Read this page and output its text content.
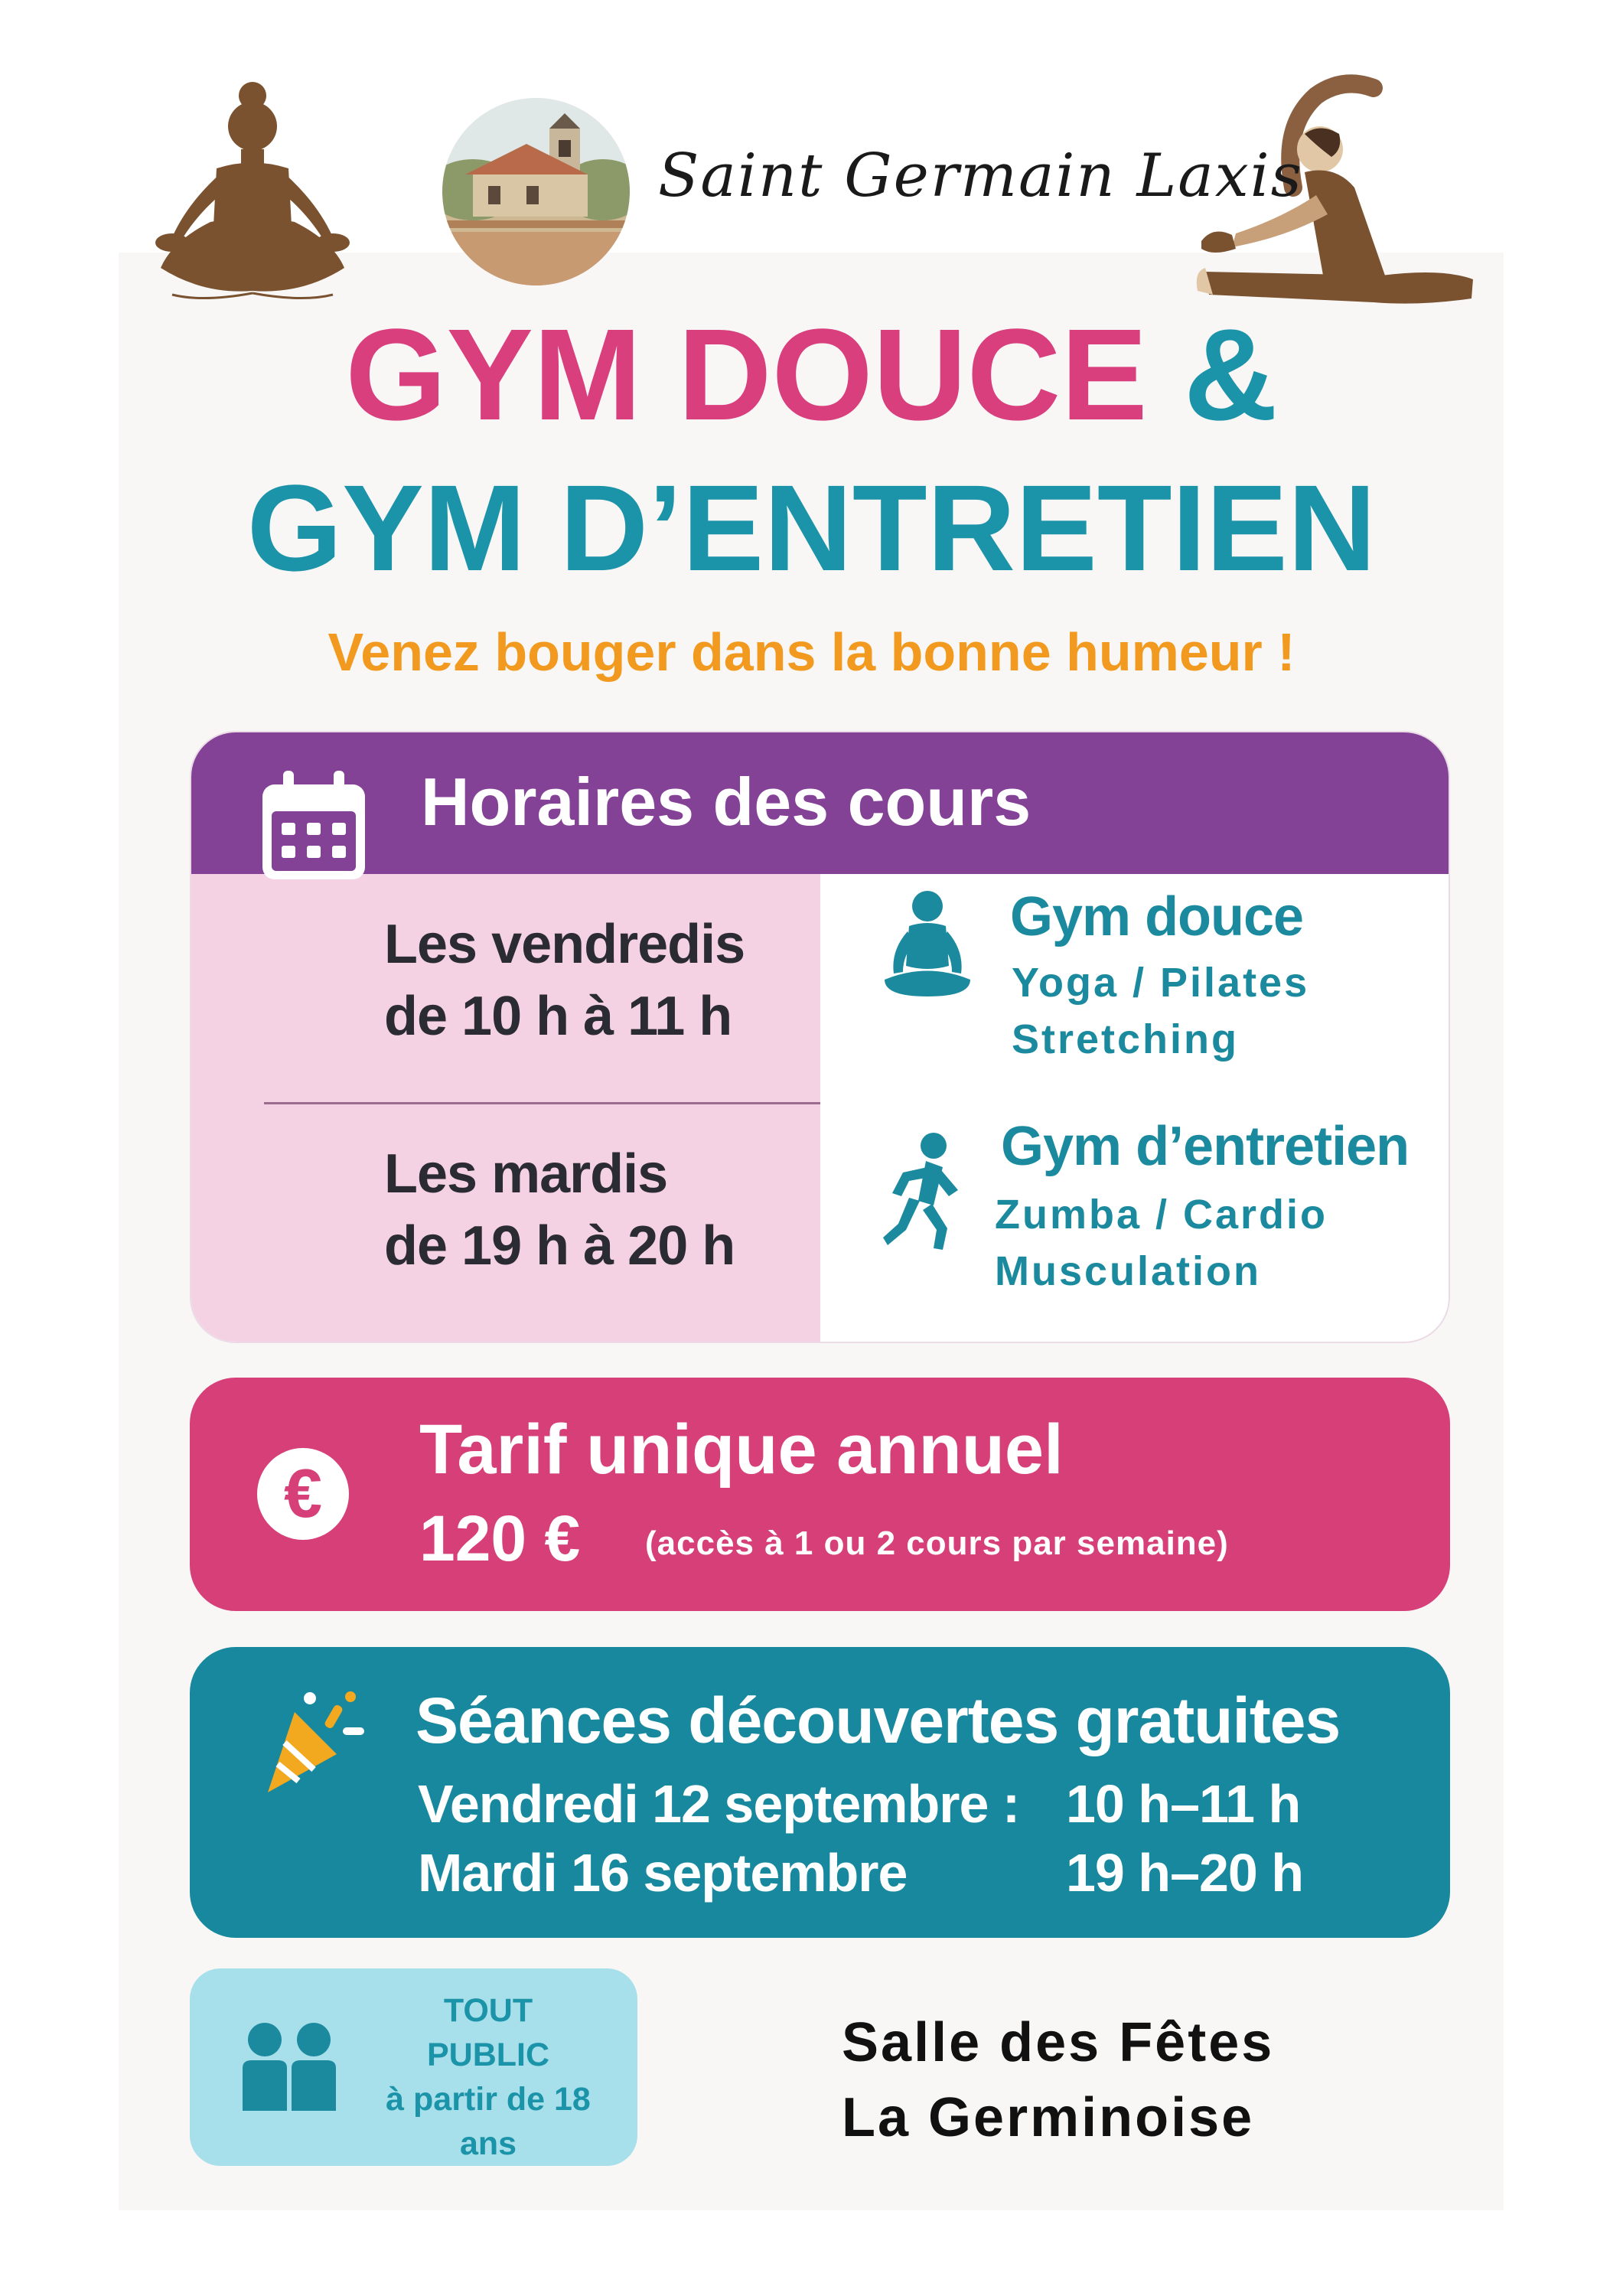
Saint Germain Laxis
GYM DOUCE &
GYM D’ENTRETIEN
Venez bouger dans la bonne humeur !
Horaires des cours
Les vendredis
de 10 h à 11 h
Les mardis
de 19 h à 20 h
Gym douce
Yoga / Pilates
Stretching
Gym d’entretien
Zumba / Cardio
Musculation
€
Tarif unique annuel
120 € (accès à 1 ou 2 cours par semaine)
Séances découvertes gratuites
Vendredi 12 septembre : 10 h–11 h
Mardi 16 septembre	19 h–20 h
TOUT
PUBLIC
à partir de 18
ans
Salle des Fêtes
La Germinoise
